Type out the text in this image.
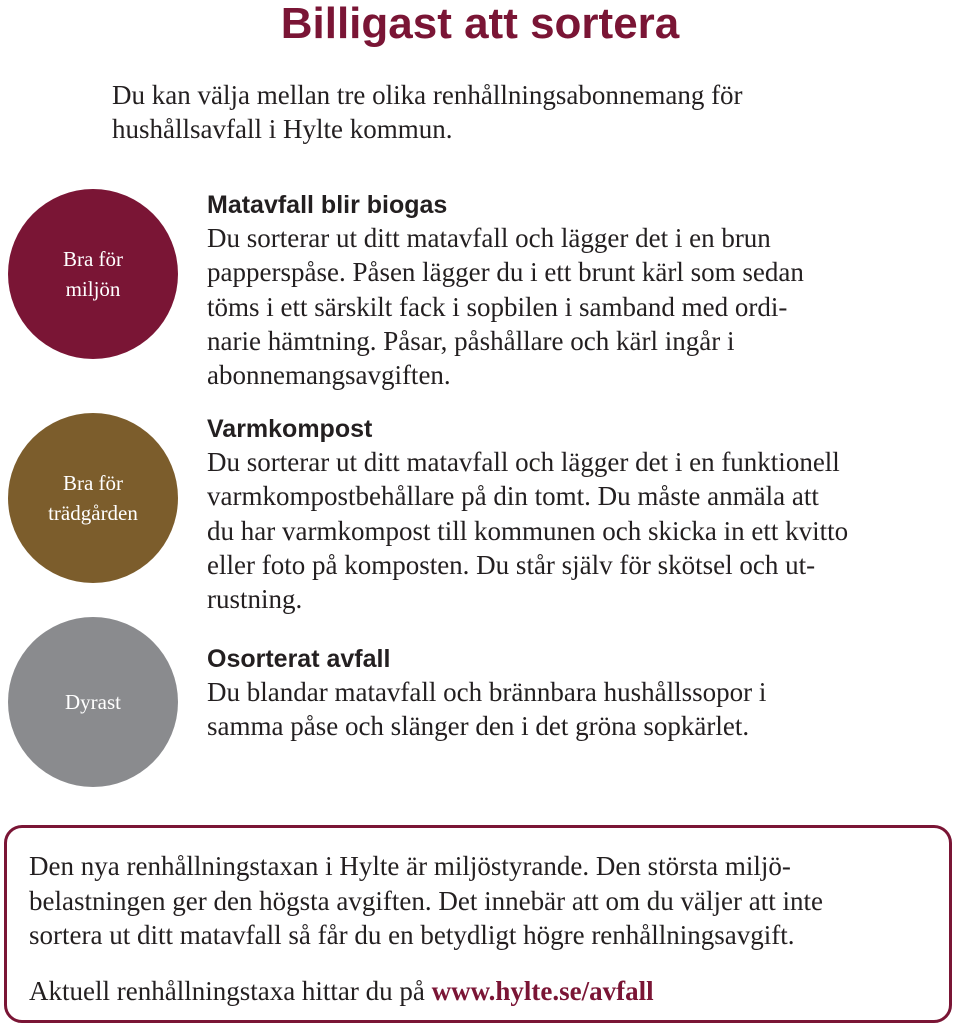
Billigast att sortera

Du kan välja mellan tre olika renhållningsabonnemang för
hushållsavfall i Hylte kommun.

Bra för
miljön
Bra för
trädgården
Dyrast
Matavfall blir biogas

Du sorterar ut ditt matavfall och lägger det i en brun
papperspåse. Påsen lägger du i ett brunt kärl som sedan
töms i ett särskilt fack i sopbilen i samband med ordi-
narie hämtning. Påsar, påshållare och kärl ingår i
abonnemangsavgiften.

Varmkompost

Du sorterar ut ditt matavfall och lägger det i en funktionell
varmkompostbehållare på din tomt. Du måste anmäla att
du har varmkompost till kommunen och skicka in ett kvitto
eller foto på komposten. Du står själv för skötsel och ut-
rustning.

Osorterat avfall

Du blandar matavfall och brännbara hushållssopor i
samma påse och slänger den i det gröna sopkärlet.

Den nya renhållningstaxan i Hylte är miljöstyrande. Den största miljö-
belastningen ger den högsta avgiften. Det innebär att om du väljer att inte
sortera ut ditt matavfall så får du en betydligt högre renhållningsavgift.

Aktuell renhållningstaxa hittar du på www.hylte.se/avfall
